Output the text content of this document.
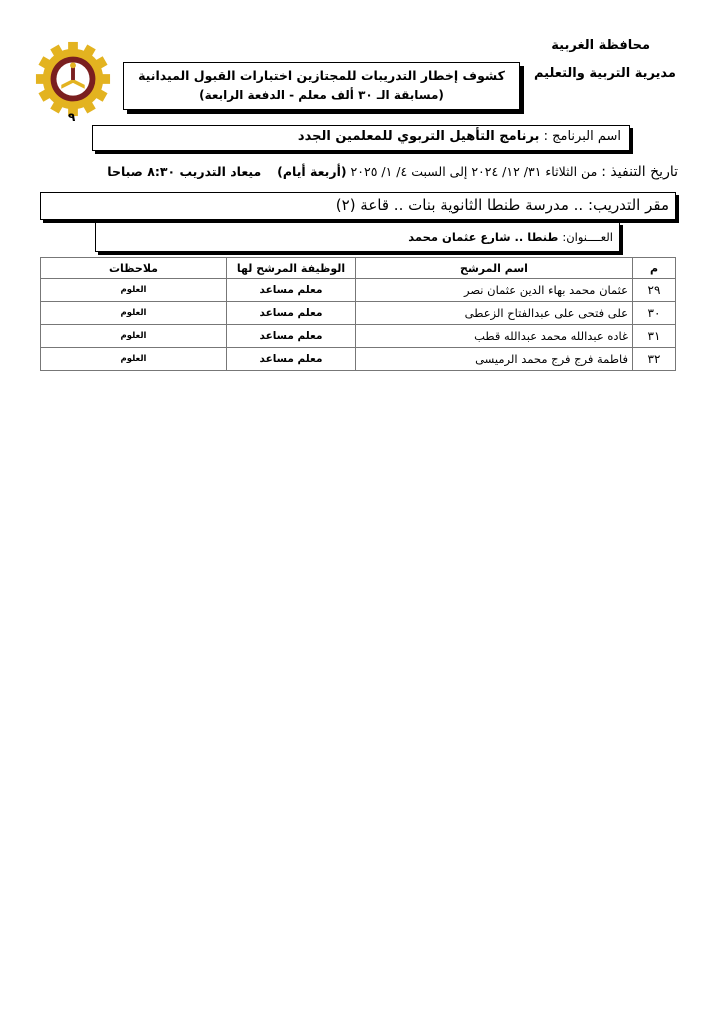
محافظة الغربية
مديرية التربية والتعليم
كشوف إخطار التدريبات للمجتازين اختبارات القبول الميدانية
(مسابقة الـ ٣٠ ألف معلم - الدفعة الرابعة)
٩
اسم البرنامج : برنامج التأهيل التربوي للمعلمين الجدد
تاريخ التنفيذ : من الثلاثاء ٣١/ ١٢/ ٢٠٢٤ إلى السبت ٤/ ١/ ٢٠٢٥ (أربعة أيام)    ميعاد التدريب ٨:٣٠ صباحا
مقر التدريب: .. مدرسة طنطا الثانوية بنات .. قاعة (٢)
العــــنوان: طنطا .. شارع عثمان محمد
م	اسم المرشح	الوظيفة المرشح لها	ملاحظات
٢٩	عثمان محمد بهاء الدين عثمان نصر	معلم مساعد	العلوم
٣٠	على فتحى على عبدالفتاح الزعطى	معلم مساعد	العلوم
٣١	غاده عبدالله محمد عبدالله قطب	معلم مساعد	العلوم
٣٢	فاطمة فرج فرج محمد الرميسى	معلم مساعد	العلوم
